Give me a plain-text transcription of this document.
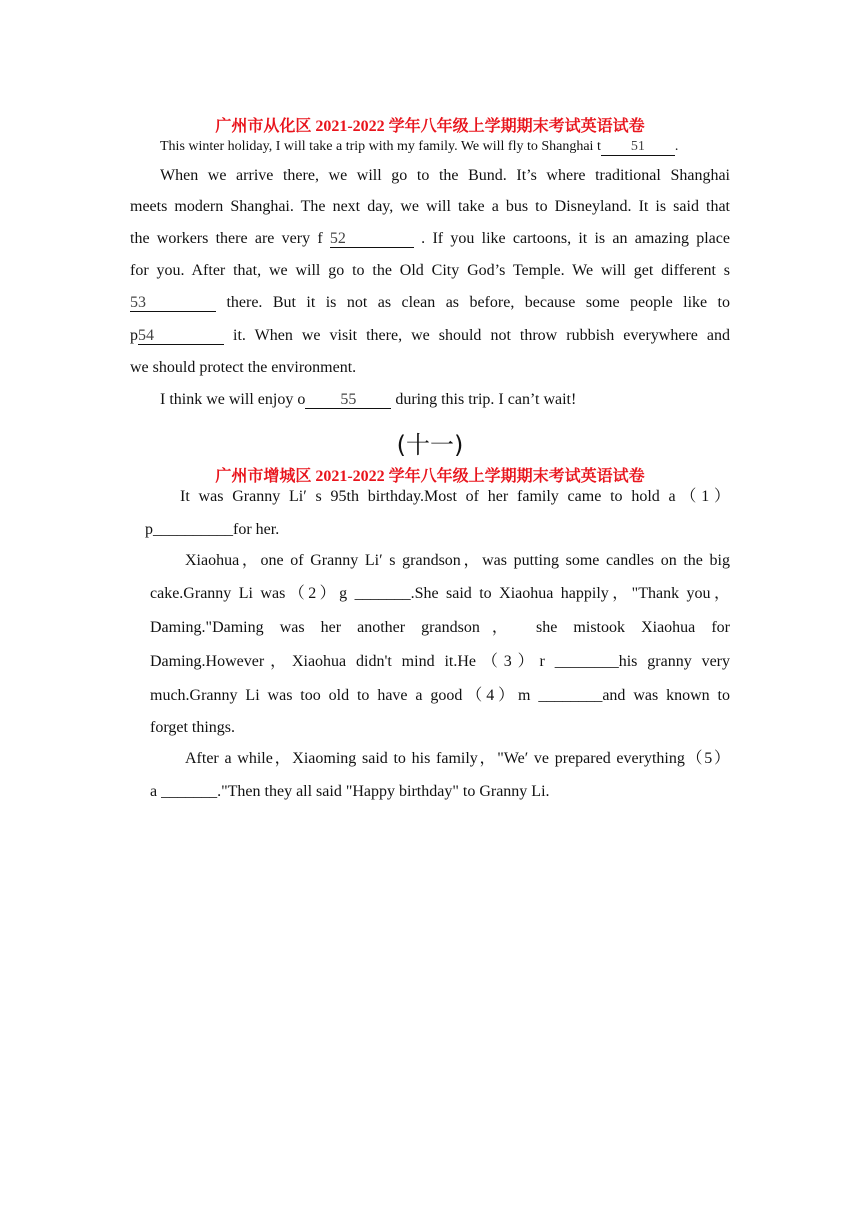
广州市从化区 2021-2022 学年八年级上学期期末考试英语试卷
This winter holiday, I will take a trip with my family. We will fly to Shanghai t 51 .
When we arrive there, we will go to the Bund. It’s where traditional Shanghai
meets modern Shanghai. The next day, we will take a bus to Disneyland. It is said that
the workers there are very f 52	. If you like cartoons, it is an amazing place
for you. After that, we will go to the Old City God’s Temple. We will get different s
53	there. But it is not as clean as before, because some people like to
p54	it. When we visit there, we should not throw rubbish everywhere and
we should protect the environment.
I think we will enjoy o 55 during this trip. I can’t wait!
(十一)
广州市增城区 2021-2022 学年八年级上学期期末考试英语试卷
It was Granny Li′ s 95th birthday.Most of her family came to hold a（1）
p__________for her.
Xiaohua，one of Granny Li′ s grandson，was putting some candles on the big
cake.Granny Li was（2）g _______.She said to Xiaohua happily，"Thank you，
Daming."Daming was her another grandson， she mistook Xiaohua for
Daming.However，Xiaohua didn't mind it.He（3）r ________his granny very
much.Granny Li was too old to have a good（4）m ________and was known to
forget things.
After a while，Xiaoming said to his family，"We′ ve prepared everything（5）
a _______."Then they all said "Happy birthday" to Granny Li.
